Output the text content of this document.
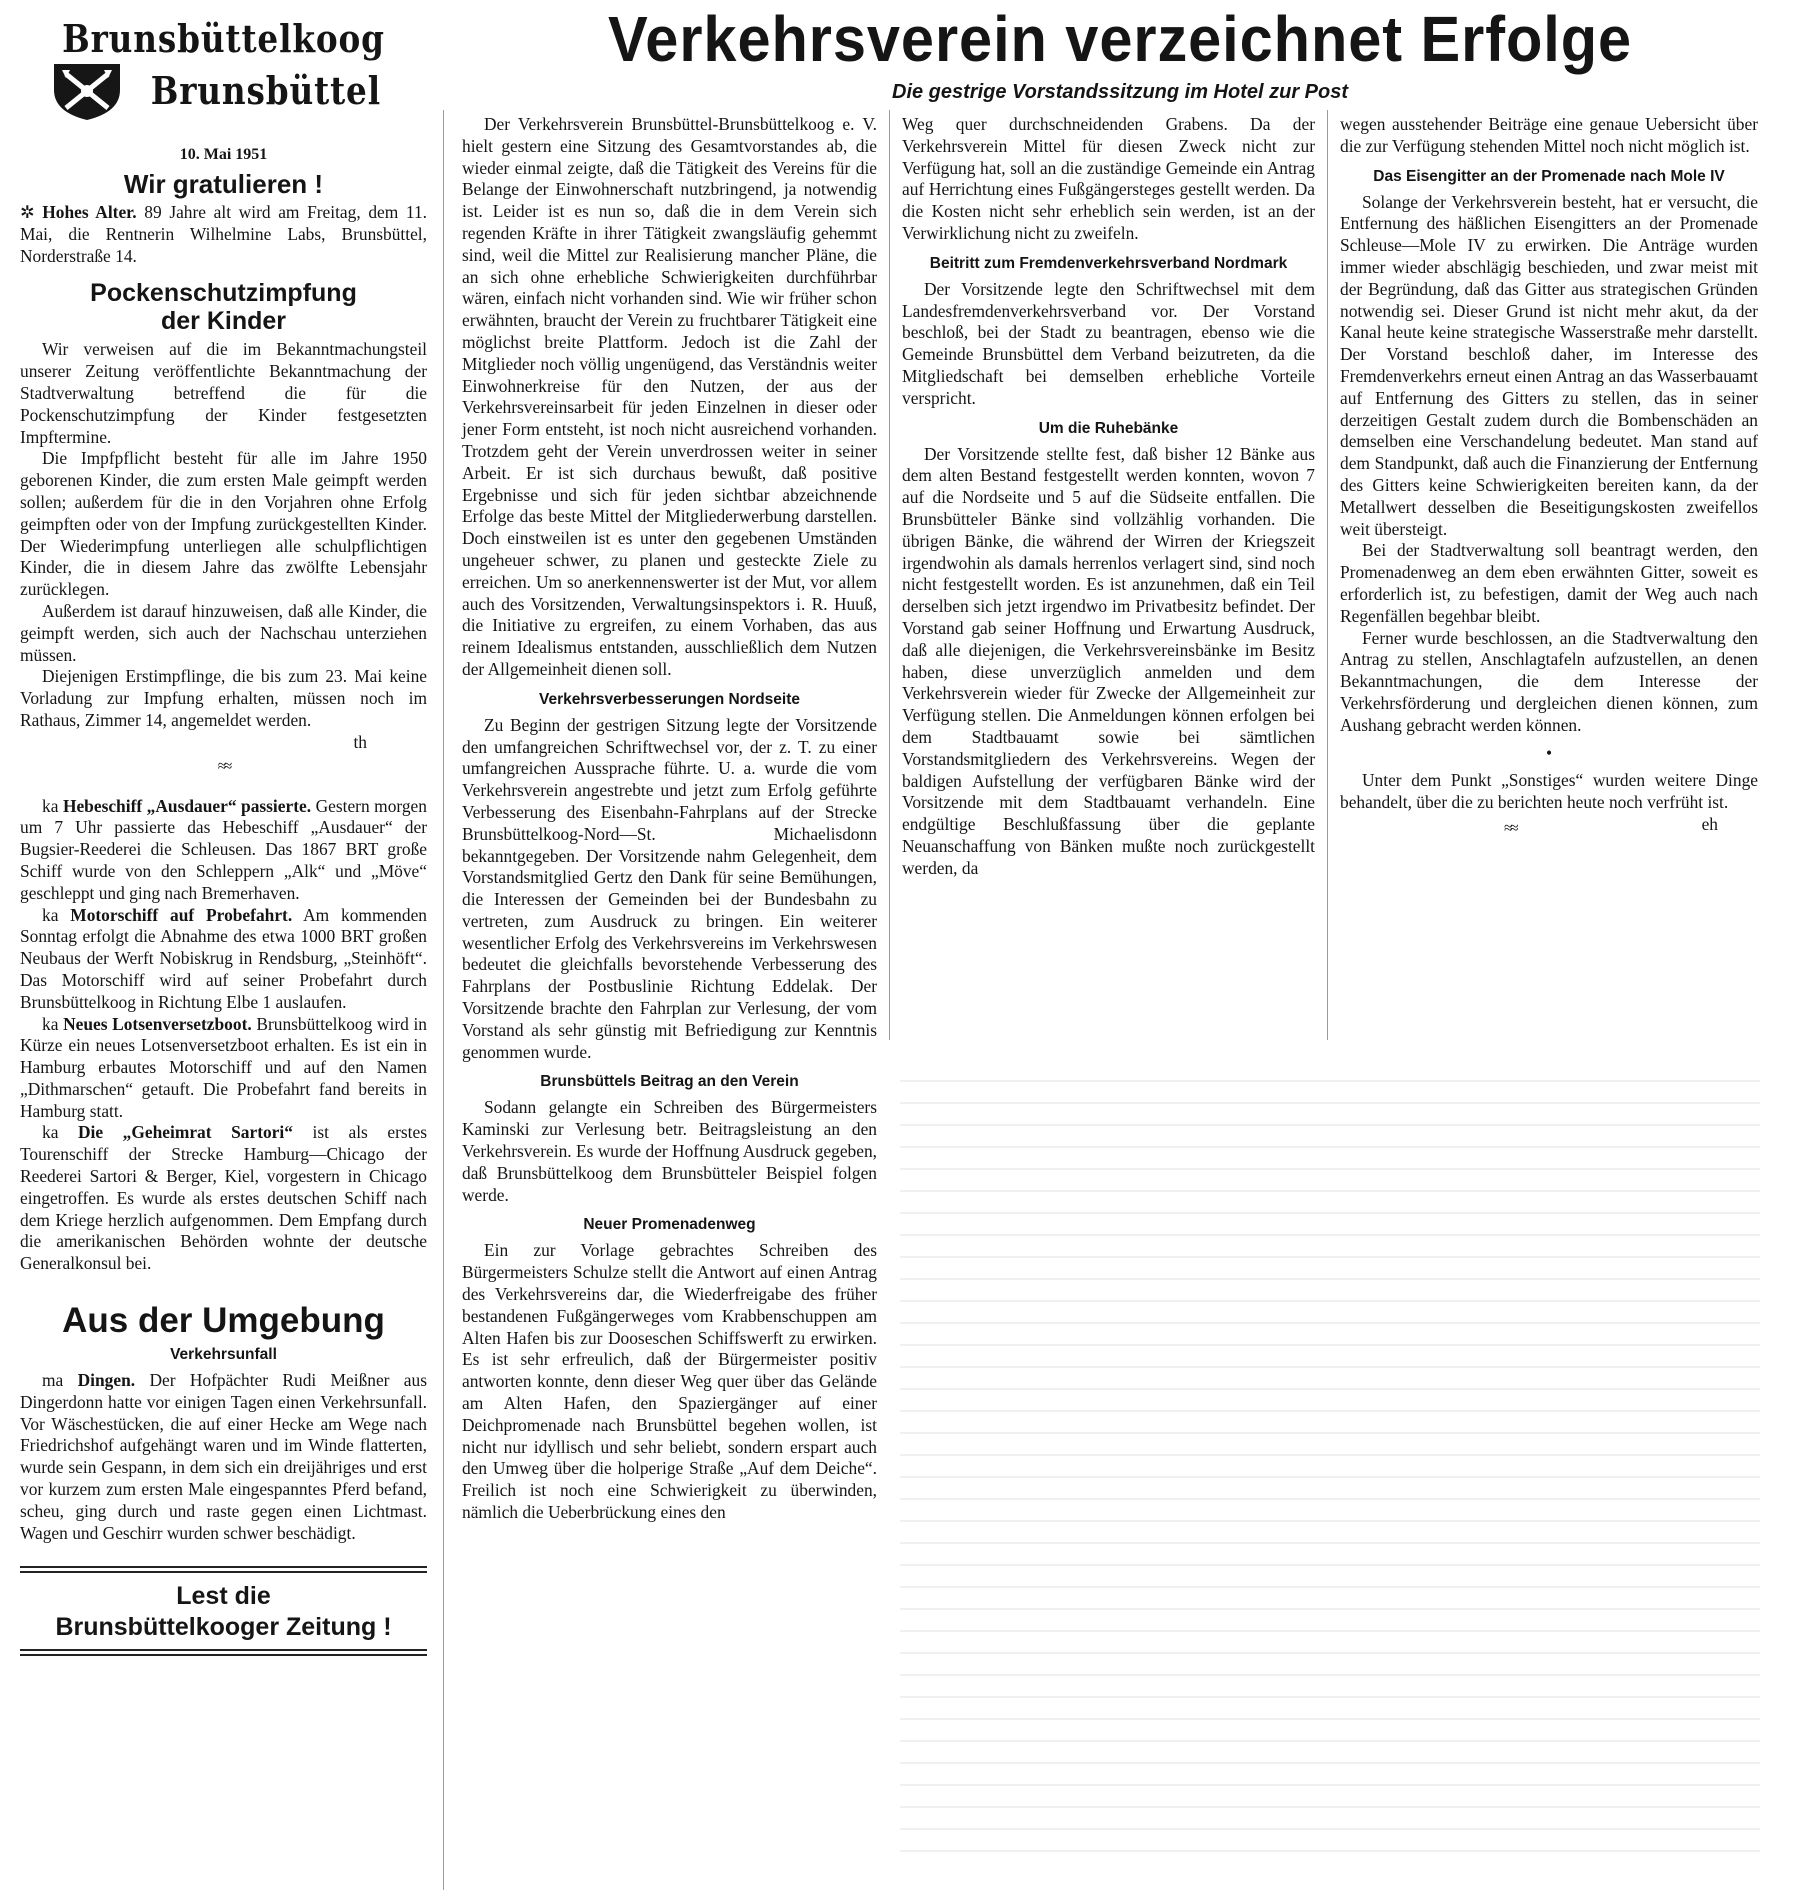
Brunsbüttelkoog
Brunsbüttel
10. Mai 1951
Wir gratulieren !

✲ Hohes Alter. 89 Jahre alt wird am Freitag, dem 11. Mai, die Rentnerin Wilhelmine Labs, Brunsbüttel, Norderstraße 14.

Pockenschutzimpfung
der Kinder

Wir verweisen auf die im Bekanntmachungsteil unserer Zeitung veröffentlichte Bekanntmachung der Stadtverwaltung betreffend die für die Pockenschutzimpfung der Kinder festgesetzten Impftermine.

Die Impfpflicht besteht für alle im Jahre 1950 geborenen Kinder, die zum ersten Male geimpft werden sollen; außerdem für die in den Vorjahren ohne Erfolg geimpften oder von der Impfung zurückgestellten Kinder. Der Wiederimpfung unterliegen alle schulpflichtigen Kinder, die in diesem Jahre das zwölfte Lebensjahr zurücklegen.

Außerdem ist darauf hinzuweisen, daß alle Kinder, die geimpft werden, sich auch der Nachschau unterziehen müssen.

Diejenigen Erstimpflinge, die bis zum 23. Mai keine Vorladung zur Impfung erhalten, müssen noch im Rathaus, Zimmer 14, angemeldet werden.

th

≈≈

ka Hebeschiff „Ausdauer“ passierte. Gestern morgen um 7 Uhr passierte das Hebeschiff „Ausdauer“ der Bugsier-Reederei die Schleusen. Das 1867 BRT große Schiff wurde von den Schleppern „Alk“ und „Möve“ geschleppt und ging nach Bremerhaven.

ka Motorschiff auf Probefahrt. Am kommenden Sonntag erfolgt die Abnahme des etwa 1000 BRT großen Neubaus der Werft Nobiskrug in Rendsburg, „Steinhöft“. Das Motorschiff wird auf seiner Probefahrt durch Brunsbüttelkoog in Richtung Elbe 1 auslaufen.

ka Neues Lotsenversetzboot. Brunsbüttelkoog wird in Kürze ein neues Lotsenversetzboot erhalten. Es ist ein in Hamburg erbautes Motorschiff und auf den Namen „Dithmarschen“ getauft. Die Probefahrt fand bereits in Hamburg statt.

ka Die „Geheimrat Sartori“ ist als erstes Tourenschiff der Strecke Hamburg—Chicago der Reederei Sartori & Berger, Kiel, vorgestern in Chicago eingetroffen. Es wurde als erstes deutschen Schiff nach dem Kriege herzlich aufgenommen. Dem Empfang durch die amerikanischen Behörden wohnte der deutsche Generalkonsul bei.

Aus der Umgebung
Verkehrsunfall

ma Dingen. Der Hofpächter Rudi Meißner aus Dingerdonn hatte vor einigen Tagen einen Verkehrsunfall. Vor Wäschestücken, die auf einer Hecke am Wege nach Friedrichshof aufgehängt waren und im Winde flatterten, wurde sein Gespann, in dem sich ein dreijähriges und erst vor kurzem zum ersten Male eingespanntes Pferd befand, scheu, ging durch und raste gegen einen Lichtmast. Wagen und Geschirr wurden schwer beschädigt.

Lest die
Brunsbüttelkooger Zeitung !
Verkehrsverein verzeichnet Erfolge
Die gestrige Vorstandssitzung im Hotel zur Post

Der Verkehrsverein Brunsbüttel-Brunsbüttelkoog e. V. hielt gestern eine Sitzung des Gesamtvorstandes ab, die wieder einmal zeigte, daß die Tätigkeit des Vereins für die Belange der Einwohnerschaft nutzbringend, ja notwendig ist. Leider ist es nun so, daß die in dem Verein sich regenden Kräfte in ihrer Tätigkeit zwangsläufig gehemmt sind, weil die Mittel zur Realisierung mancher Pläne, die an sich ohne erhebliche Schwierigkeiten durchführbar wären, einfach nicht vorhanden sind. Wie wir früher schon erwähnten, braucht der Verein zu fruchtbarer Tätigkeit eine möglichst breite Plattform. Jedoch ist die Zahl der Mitglieder noch völlig ungenügend, das Verständnis weiter Einwohnerkreise für den Nutzen, der aus der Verkehrsvereinsarbeit für jeden Einzelnen in dieser oder jener Form entsteht, ist noch nicht ausreichend vorhanden. Trotzdem geht der Verein unverdrossen weiter in seiner Arbeit. Er ist sich durchaus bewußt, daß positive Ergebnisse und sich für jeden sichtbar abzeichnende Erfolge das beste Mittel der Mitgliederwerbung darstellen. Doch einstweilen ist es unter den gegebenen Umständen ungeheuer schwer, zu planen und gesteckte Ziele zu erreichen. Um so anerkennenswerter ist der Mut, vor allem auch des Vorsitzenden, Verwaltungsinspektors i. R. Huuß, die Initiative zu ergreifen, zu einem Vorhaben, das aus reinem Idealismus entstanden, ausschließlich dem Nutzen der Allgemeinheit dienen soll.

Verkehrsverbesserungen Nordseite

Zu Beginn der gestrigen Sitzung legte der Vorsitzende den umfangreichen Schriftwechsel vor, der z. T. zu einer umfangreichen Aussprache führte. U. a. wurde die vom Verkehrsverein angestrebte und jetzt zum Erfolg geführte Verbesserung des Eisenbahn-Fahrplans auf der Strecke Brunsbüttelkoog-Nord—St. Michaelisdonn bekanntgegeben. Der Vorsitzende nahm Gelegenheit, dem Vorstandsmitglied Gertz den Dank für seine Bemühungen, die Interessen der Gemeinden bei der Bundesbahn zu vertreten, zum Ausdruck zu bringen. Ein weiterer wesentlicher Erfolg des Verkehrsvereins im Verkehrswesen bedeutet die gleichfalls bevorstehende Verbesserung des Fahrplans der Postbuslinie Richtung Eddelak. Der Vorsitzende brachte den Fahrplan zur Verlesung, der vom Vorstand als sehr günstig mit Befriedigung zur Kenntnis genommen wurde.

Brunsbüttels Beitrag an den Verein

Sodann gelangte ein Schreiben des Bürgermeisters Kaminski zur Verlesung betr. Beitragsleistung an den Verkehrsverein. Es wurde der Hoffnung Ausdruck gegeben, daß Brunsbüttelkoog dem Brunsbütteler Beispiel folgen werde.

Neuer Promenadenweg

Ein zur Vorlage gebrachtes Schreiben des Bürgermeisters Schulze stellt die Antwort auf einen Antrag des Verkehrsvereins dar, die Wiederfreigabe des früher bestandenen Fußgängerweges vom Krabbenschuppen am Alten Hafen bis zur Dooseschen Schiffswerft zu erwirken. Es ist sehr erfreulich, daß der Bürgermeister positiv antworten konnte, denn dieser Weg quer über das Gelände am Alten Hafen, den Spaziergänger auf einer Deichpromenade nach Brunsbüttel begehen wollen, ist nicht nur idyllisch und sehr beliebt, sondern erspart auch den Umweg über die holperige Straße „Auf dem Deiche“. Freilich ist noch eine Schwierigkeit zu überwinden, nämlich die Ueberbrückung eines den

Weg quer durchschneidenden Grabens. Da der Verkehrsverein Mittel für diesen Zweck nicht zur Verfügung hat, soll an die zuständige Gemeinde ein Antrag auf Herrichtung eines Fußgängersteges gestellt werden. Da die Kosten nicht sehr erheblich sein werden, ist an der Verwirklichung nicht zu zweifeln.

Beitritt zum Fremdenverkehrsverband Nordmark

Der Vorsitzende legte den Schriftwechsel mit dem Landesfremdenverkehrsverband vor. Der Vorstand beschloß, bei der Stadt zu beantragen, ebenso wie die Gemeinde Brunsbüttel dem Verband beizutreten, da die Mitgliedschaft bei demselben erhebliche Vorteile verspricht.

Um die Ruhebänke

Der Vorsitzende stellte fest, daß bisher 12 Bänke aus dem alten Bestand festgestellt werden konnten, wovon 7 auf die Nordseite und 5 auf die Südseite entfallen. Die Brunsbütteler Bänke sind vollzählig vorhanden. Die übrigen Bänke, die während der Wirren der Kriegszeit irgendwohin als damals herrenlos verlagert sind, sind noch nicht festgestellt worden. Es ist anzunehmen, daß ein Teil derselben sich jetzt irgendwo im Privatbesitz befindet. Der Vorstand gab seiner Hoffnung und Erwartung Ausdruck, daß alle diejenigen, die Verkehrsvereinsbänke im Besitz haben, diese unverzüglich anmelden und dem Verkehrsverein wieder für Zwecke der Allgemeinheit zur Verfügung stellen. Die Anmeldungen können erfolgen bei dem Stadtbauamt sowie bei sämtlichen Vorstandsmitgliedern des Verkehrsvereins. Wegen der baldigen Aufstellung der verfügbaren Bänke wird der Vorsitzende mit dem Stadtbauamt verhandeln. Eine endgültige Beschlußfassung über die geplante Neuanschaffung von Bänken mußte noch zurückgestellt werden, da

wegen ausstehender Beiträge eine genaue Uebersicht über die zur Verfügung stehenden Mittel noch nicht möglich ist.

Das Eisengitter an der Promenade nach Mole IV

Solange der Verkehrsverein besteht, hat er versucht, die Entfernung des häßlichen Eisengitters an der Promenade Schleuse—Mole IV zu erwirken. Die Anträge wurden immer wieder abschlägig beschieden, und zwar meist mit der Begründung, daß das Gitter aus strategischen Gründen notwendig sei. Dieser Grund ist nicht mehr akut, da der Kanal heute keine strategische Wasserstraße mehr darstellt. Der Vorstand beschloß daher, im Interesse des Fremdenverkehrs erneut einen Antrag an das Wasserbauamt auf Entfernung des Gitters zu stellen, das in seiner derzeitigen Gestalt zudem durch die Bombenschäden an demselben eine Verschandelung bedeutet. Man stand auf dem Standpunkt, daß auch die Finanzierung der Entfernung des Gitters keine Schwierigkeiten bereiten kann, da der Metallwert desselben die Beseitigungskosten zweifellos weit übersteigt.

Bei der Stadtverwaltung soll beantragt werden, den Promenadenweg an dem eben erwähnten Gitter, soweit es erforderlich ist, zu befestigen, damit der Weg auch nach Regenfällen begehbar bleibt.

Ferner wurde beschlossen, an die Stadtverwaltung den Antrag zu stellen, Anschlagtafeln aufzustellen, an denen Bekanntmachungen, die dem Interesse der Verkehrsförderung und dergleichen dienen können, zum Aushang gebracht werden können.

•

Unter dem Punkt „Sonstiges“ wurden weitere Dinge behandelt, über die zu berichten heute noch verfrüht ist.
eh

≈≈
